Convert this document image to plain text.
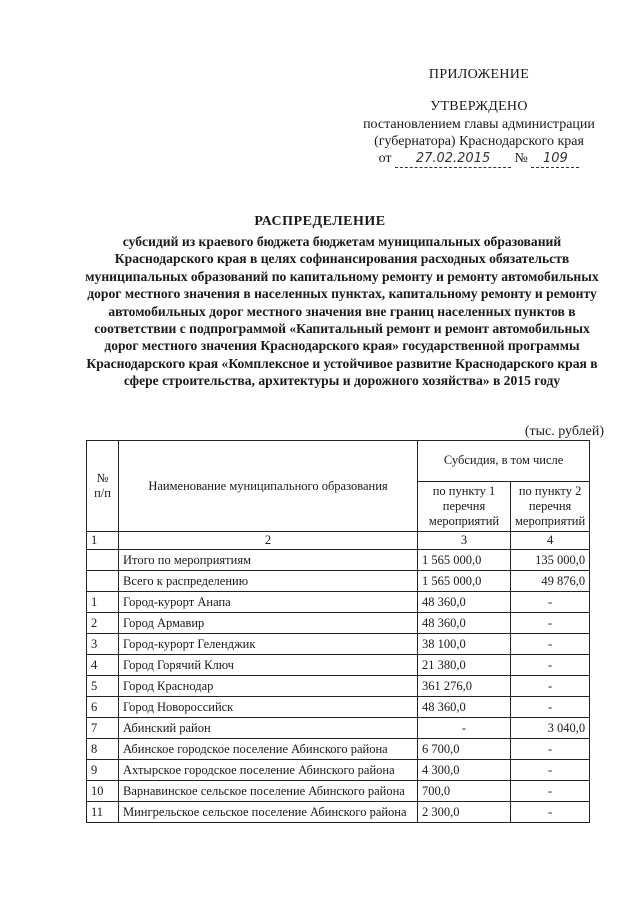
ПРИЛОЖЕНИЕ
УТВЕРЖДЕНО
постановлением главы администрации
(губернатора) Краснодарского края
от 27.02.2015 № 109
РАСПРЕДЕЛЕНИЕ
субсидий из краевого бюджета бюджетам муниципальных образований Краснодарского края в целях софинансирования расходных обязательств муниципальных образований по капитальному ремонту и ремонту автомобильных дорог местного значения в населенных пунктах, капитальному ремонту и ремонту автомобильных дорог местного значения вне границ населенных пунктов в соответствии с подпрограммой «Капитальный ремонт и ремонт автомобильных дорог местного значения Краснодарского края» государственной программы Краснодарского края «Комплексное и устойчивое развитие Краснодарского края в сфере строительства, архитектуры и дорожного хозяйства» в 2015 году
(тыс. рублей)
№ п/п	Наименование муниципального образования	Субсидия, в том числе	
		по пункту 1 перечня мероприятий	по пункту 2 перечня мероприятий
1	2	3	4
	Итого по мероприятиям	1 565 000,0	135 000,0
	Всего к распределению	1 565 000,0	49 876,0
1	Город-курорт Анапа	48 360,0	-
2	Город Армавир	48 360,0	-
3	Город-курорт Геленджик	38 100,0	-
4	Город Горячий Ключ	21 380,0	-
5	Город Краснодар	361 276,0	-
6	Город Новороссийск	48 360,0	-
7	Абинский район	-	3 040,0
8	Абинское городское поселение Абинского района	6 700,0	-
9	Ахтырское городское поселение Абинского района	4 300,0	-
10	Варнавинское сельское поселение Абинского района	700,0	-
11	Мингрельское сельское поселение Абинского района	2 300,0	-
